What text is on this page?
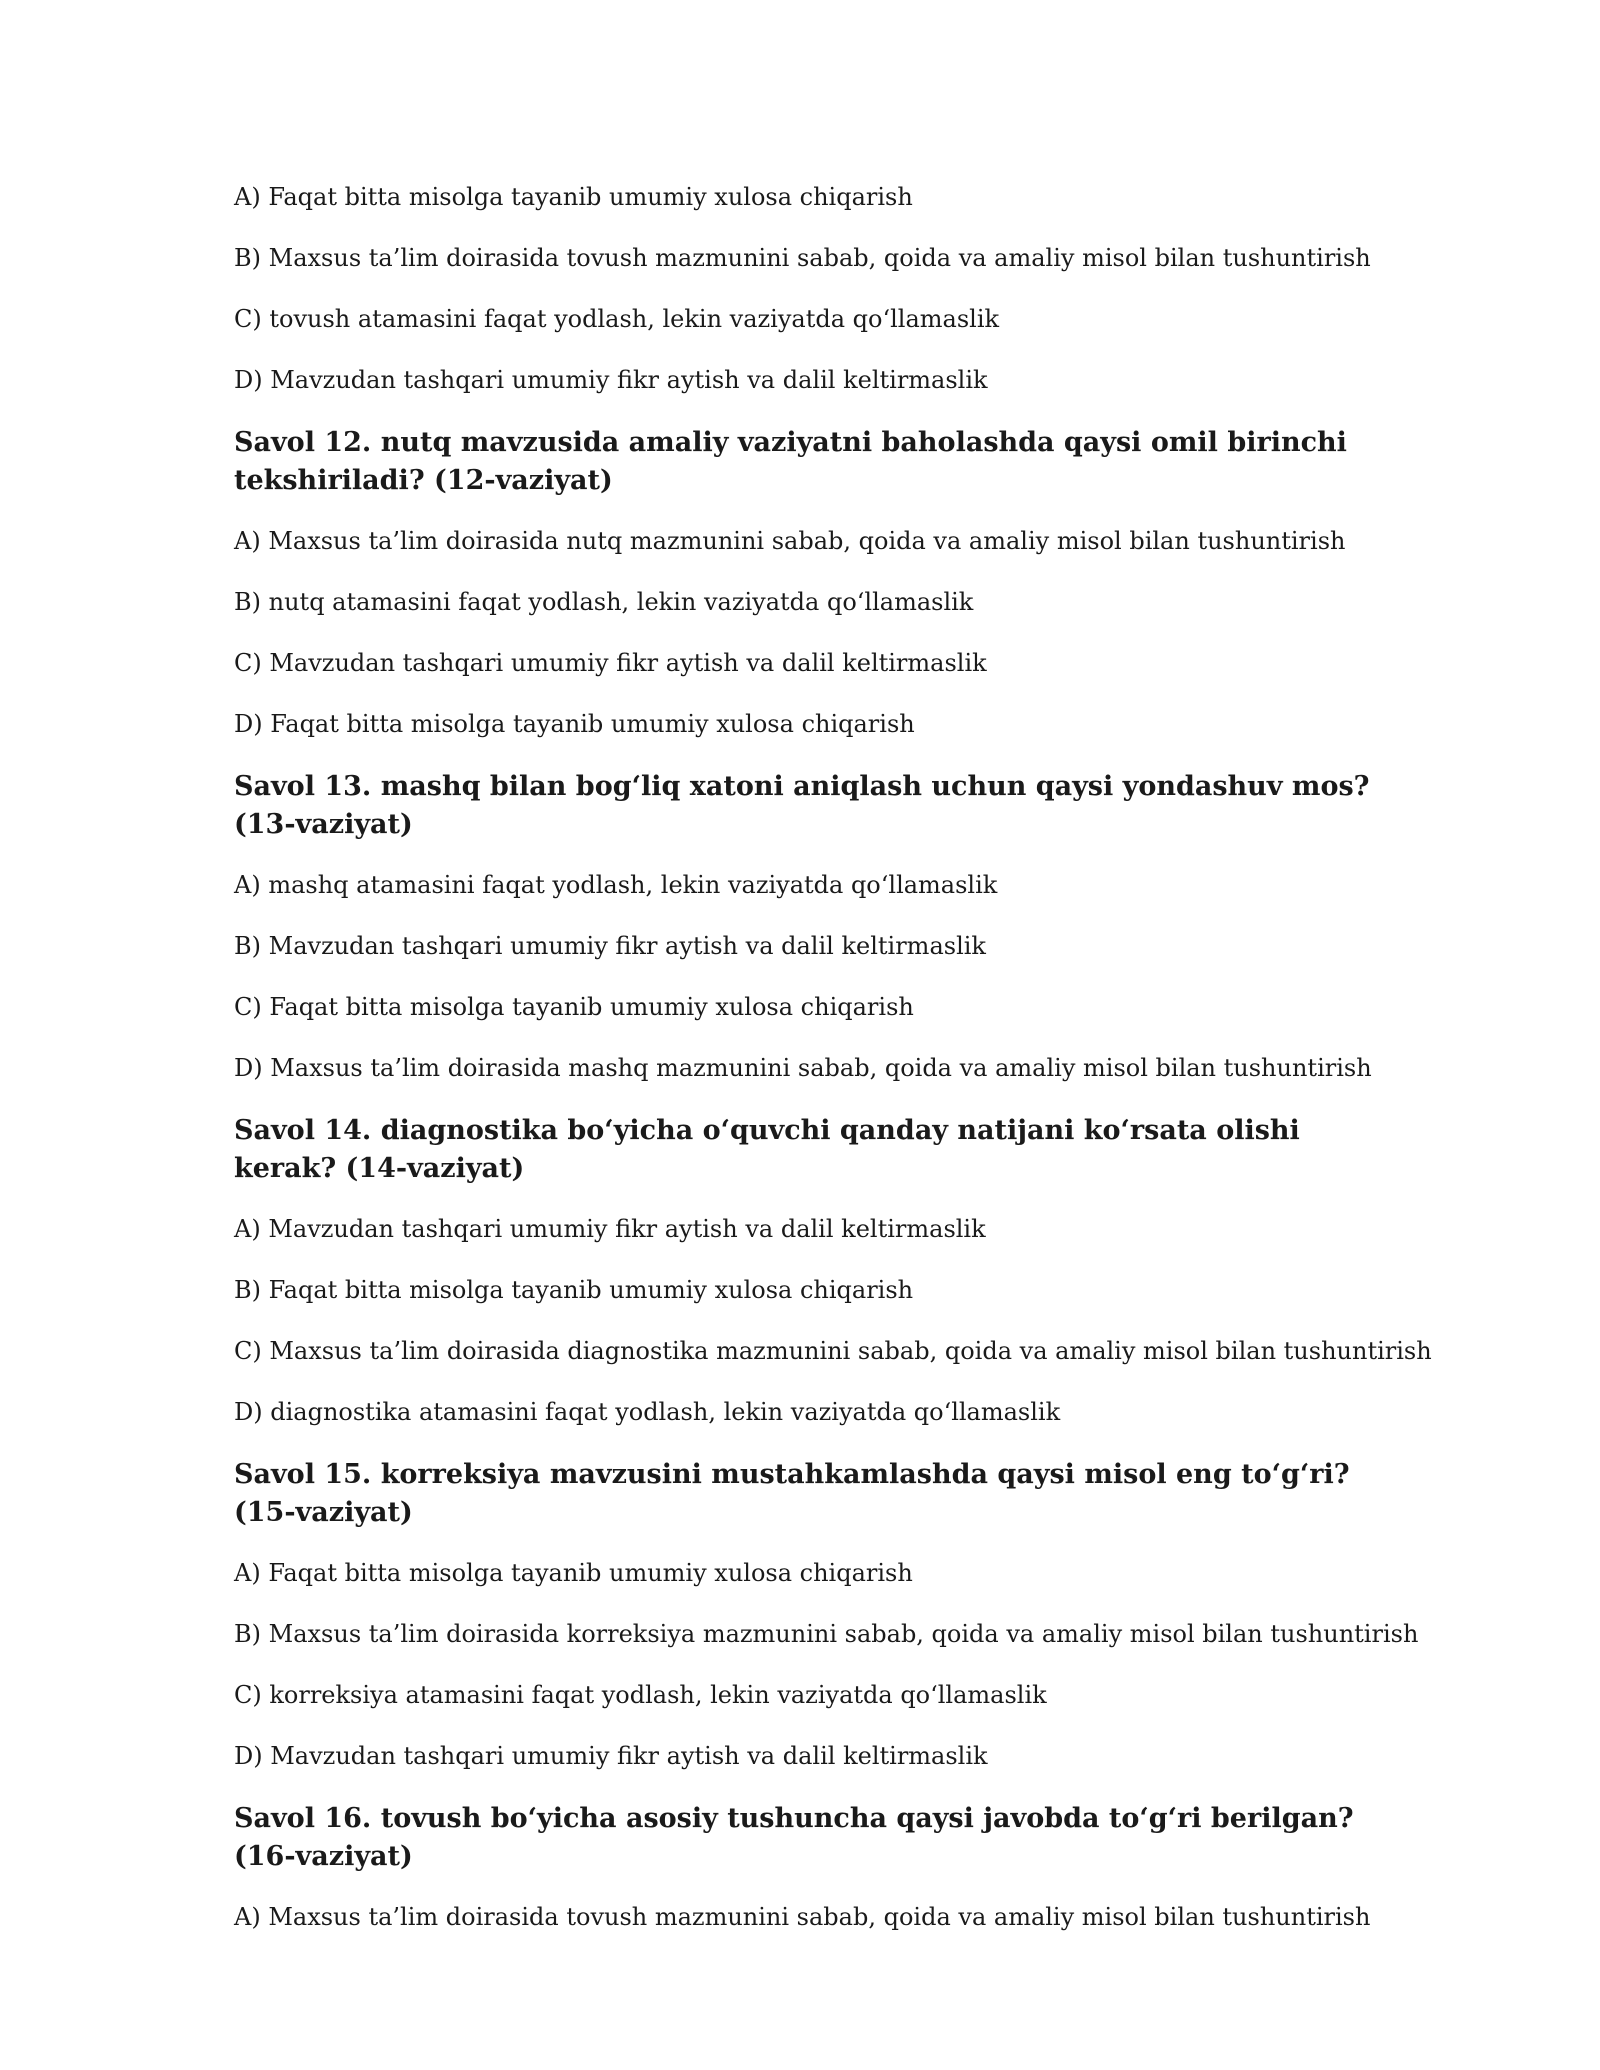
A) Faqat bitta misolga tayanib umumiy xulosa chiqarish

B) Maxsus ta’lim doirasida tovush mazmunini sabab, qoida va amaliy misol bilan tushuntirish

C) tovush atamasini faqat yodlash, lekin vaziyatda qo‘llamaslik

D) Mavzudan tashqari umumiy fikr aytish va dalil keltirmaslik

Savol 12. nutq mavzusida amaliy vaziyatni baholashda qaysi omil birinchi tekshiriladi? (12-vaziyat)

A) Maxsus ta’lim doirasida nutq mazmunini sabab, qoida va amaliy misol bilan tushuntirish

B) nutq atamasini faqat yodlash, lekin vaziyatda qo‘llamaslik

C) Mavzudan tashqari umumiy fikr aytish va dalil keltirmaslik

D) Faqat bitta misolga tayanib umumiy xulosa chiqarish

Savol 13. mashq bilan bog‘liq xatoni aniqlash uchun qaysi yondashuv mos? (13-vaziyat)

A) mashq atamasini faqat yodlash, lekin vaziyatda qo‘llamaslik

B) Mavzudan tashqari umumiy fikr aytish va dalil keltirmaslik

C) Faqat bitta misolga tayanib umumiy xulosa chiqarish

D) Maxsus ta’lim doirasida mashq mazmunini sabab, qoida va amaliy misol bilan tushuntirish

Savol 14. diagnostika bo‘yicha o‘quvchi qanday natijani ko‘rsata olishi kerak? (14-vaziyat)

A) Mavzudan tashqari umumiy fikr aytish va dalil keltirmaslik

B) Faqat bitta misolga tayanib umumiy xulosa chiqarish

C) Maxsus ta’lim doirasida diagnostika mazmunini sabab, qoida va amaliy misol bilan tushuntirish

D) diagnostika atamasini faqat yodlash, lekin vaziyatda qo‘llamaslik

Savol 15. korreksiya mavzusini mustahkamlashda qaysi misol eng to‘g‘ri? (15-vaziyat)

A) Faqat bitta misolga tayanib umumiy xulosa chiqarish

B) Maxsus ta’lim doirasida korreksiya mazmunini sabab, qoida va amaliy misol bilan tushuntirish

C) korreksiya atamasini faqat yodlash, lekin vaziyatda qo‘llamaslik

D) Mavzudan tashqari umumiy fikr aytish va dalil keltirmaslik

Savol 16. tovush bo‘yicha asosiy tushuncha qaysi javobda to‘g‘ri berilgan? (16-vaziyat)

A) Maxsus ta’lim doirasida tovush mazmunini sabab, qoida va amaliy misol bilan tushuntirish
